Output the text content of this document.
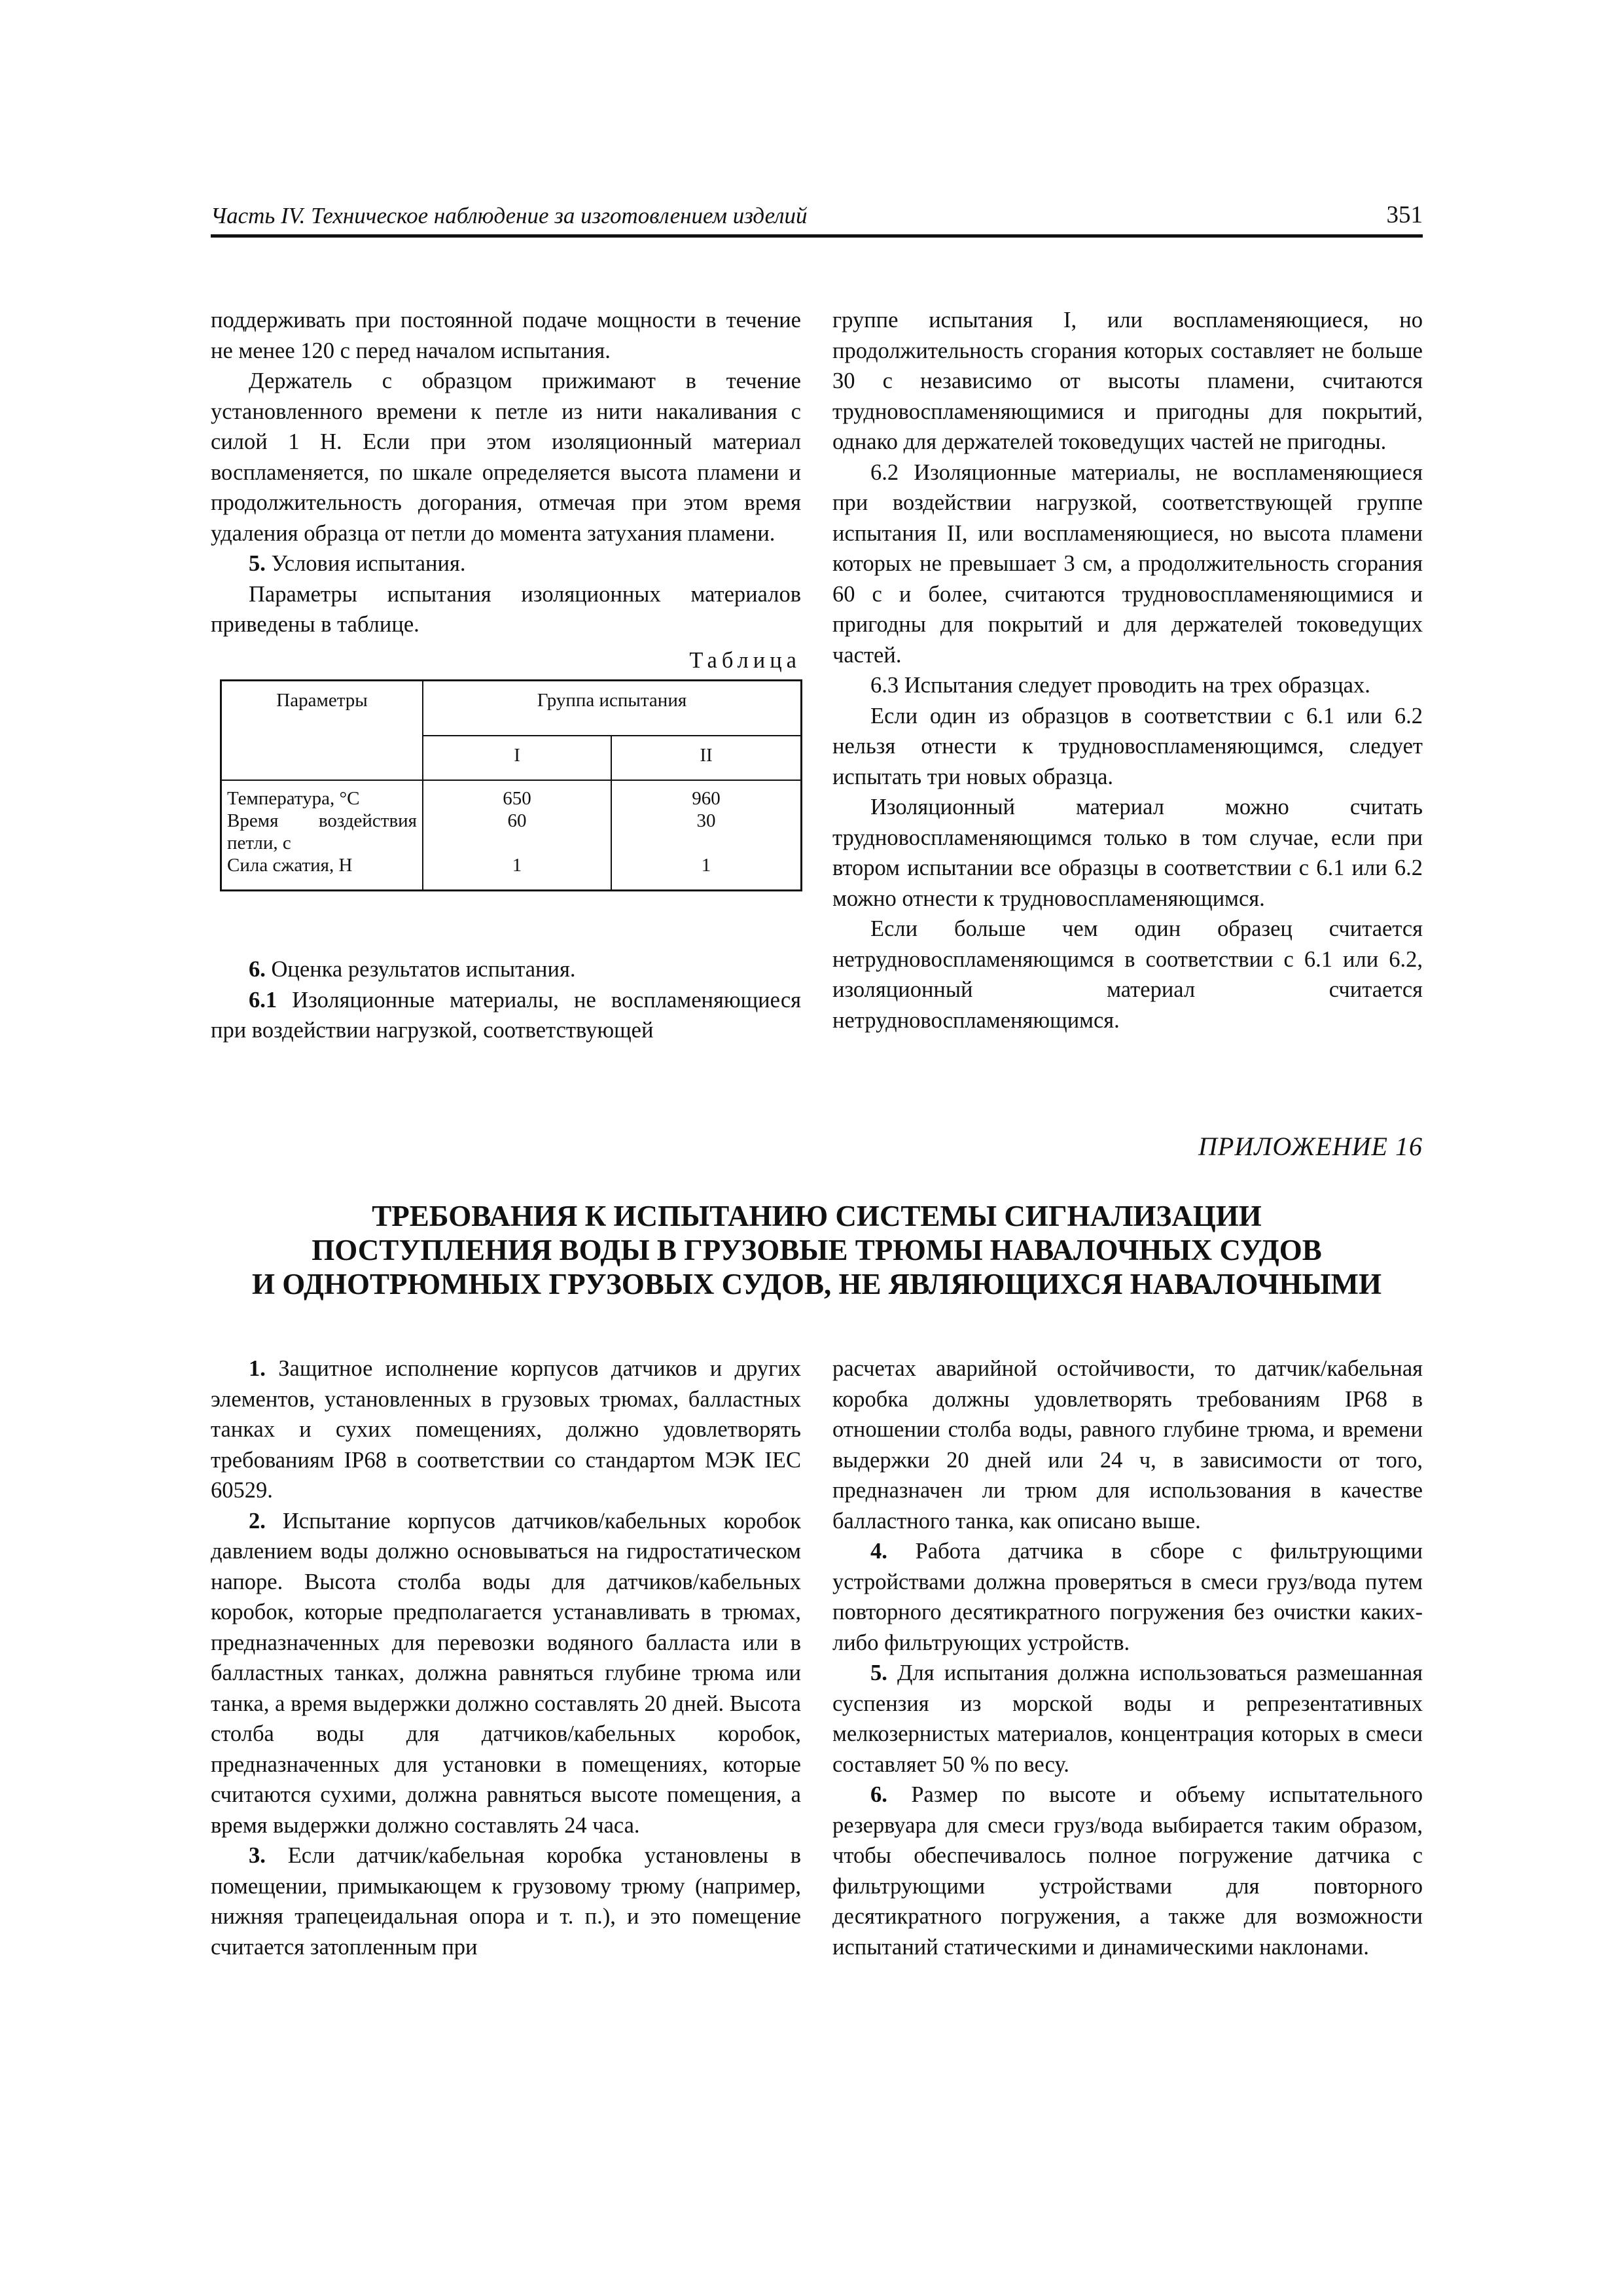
Часть IV. Техническое наблюдение за изготовлением изделий	351

поддерживать при постоянной подаче мощности в течение не менее 120 с перед началом испытания.

Держатель с образцом прижимают в течение установленного времени к петле из нити накаливания с силой 1 Н. Если при этом изоляционный материал воспламеняется, по шкале определяется высота пламени и продолжительность догорания, отмечая при этом время удаления образца от петли до момента затухания пламени.

5. Условия испытания.

Параметры испытания изоляционных материалов приведены в таблице.

Таблица
Параметры	Группа испытания	
	I	II
Температура, °С	650	960
Время воздействия петли, с	60	30
Сила сжатия, Н	1	1

6. Оценка результатов испытания.

6.1 Изоляционные материалы, не воспламеняющиеся при воздействии нагрузкой, соответствующей

группе испытания I, или воспламеняющиеся, но продолжительность сгорания которых составляет не больше 30 с независимо от высоты пламени, считаются трудновоспламеняющимися и пригодны для покрытий, однако для держателей токоведущих частей не пригодны.

6.2 Изоляционные материалы, не воспламеняющиеся при воздействии нагрузкой, соответствующей группе испытания II, или воспламеняющиеся, но высота пламени которых не превышает 3 см, а продолжительность сгорания 60 с и более, считаются трудновоспламеняющимися и пригодны для покрытий и для держателей токоведущих частей.

6.3 Испытания следует проводить на трех образцах.

Если один из образцов в соответствии с 6.1 или 6.2 нельзя отнести к трудновоспламеняющимся, следует испытать три новых образца.

Изоляционный материал можно считать трудновоспламеняющимся только в том случае, если при втором испытании все образцы в соответствии с 6.1 или 6.2 можно отнести к трудновоспламеняющимся.

Если больше чем один образец считается нетрудновоспламеняющимся в соответствии с 6.1 или 6.2, изоляционный материал считается нетрудновоспламеняющимся.

ПРИЛОЖЕНИЕ 16
ТРЕБОВАНИЯ К ИСПЫТАНИЮ СИСТЕМЫ СИГНАЛИЗАЦИИ
ПОСТУПЛЕНИЯ ВОДЫ В ГРУЗОВЫЕ ТРЮМЫ НАВАЛОЧНЫХ СУДОВ
И ОДНОТРЮМНЫХ ГРУЗОВЫХ СУДОВ, НЕ ЯВЛЯЮЩИХСЯ НАВАЛОЧНЫМИ

1. Защитное исполнение корпусов датчиков и других элементов, установленных в грузовых трюмах, балластных танках и сухих помещениях, должно удовлетворять требованиям IP68 в соответствии со стандартом МЭК IEC 60529.

2. Испытание корпусов датчиков/кабельных коробок давлением воды должно основываться на гидростатическом напоре. Высота столба воды для датчиков/кабельных коробок, которые предполагается устанавливать в трюмах, предназначенных для перевозки водяного балласта или в балластных танках, должна равняться глубине трюма или танка, а время выдержки должно составлять 20 дней. Высота столба воды для датчиков/кабельных коробок, предназначенных для установки в помещениях, которые считаются сухими, должна равняться высоте помещения, а время выдержки должно составлять 24 часа.

3. Если датчик/кабельная коробка установлены в помещении, примыкающем к грузовому трюму (например, нижняя трапецеидальная опора и т. п.), и это помещение считается затопленным при

расчетах аварийной остойчивости, то датчик/кабельная коробка должны удовлетворять требованиям IP68 в отношении столба воды, равного глубине трюма, и времени выдержки 20 дней или 24 ч, в зависимости от того, предназначен ли трюм для использования в качестве балластного танка, как описано выше.

4. Работа датчика в сборе с фильтрующими устройствами должна проверяться в смеси груз/вода путем повторного десятикратного погружения без очистки каких-либо фильтрующих устройств.

5. Для испытания должна использоваться размешанная суспензия из морской воды и репрезентативных мелкозернистых материалов, концентрация которых в смеси составляет 50 % по весу.

6. Размер по высоте и объему испытательного резервуара для смеси груз/вода выбирается таким образом, чтобы обеспечивалось полное погружение датчика с фильтрующими устройствами для повторного десятикратного погружения, а также для возможности испытаний статическими и динамическими наклонами.
